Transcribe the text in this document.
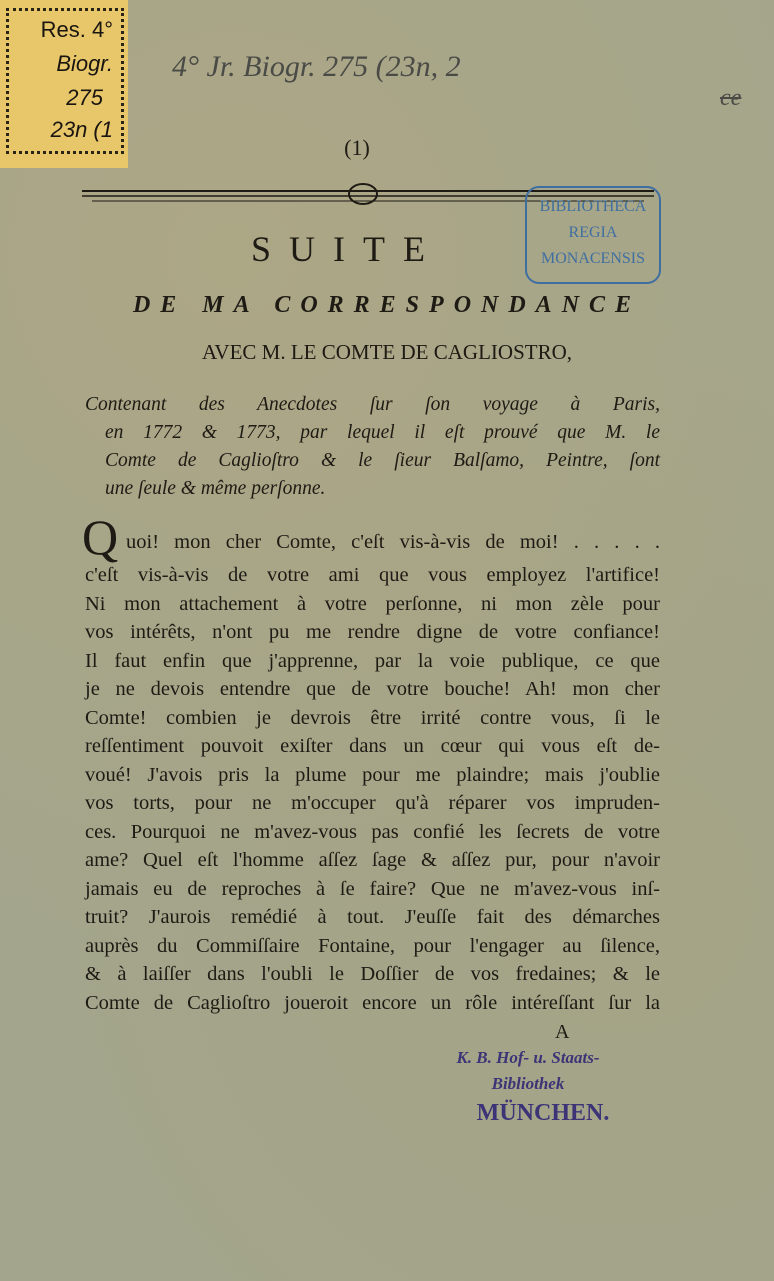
Res. 4°
Biogr.
275
23n (1
4° Jr. Biogr. 275 (23n, 2
ce
(1)
BIBLIOTHECA
REGIA
MONACENSIS
SUITE
DE MA CORRESPONDANCE
AVEC M. LE COMTE DE CAGLIOSTRO,
Contenant des Anecdotes ſur ſon voyage à Paris,
en 1772 & 1773, par lequel il eſt prouvé que M. le
Comte de Caglioſtro & le ſieur Balſamo, Peintre, ſont
une ſeule & même perſonne.
Q uoi! mon cher Comte, c'eſt vis-à-vis de moi! . . . . .
c'eſt vis-à-vis de votre ami que vous employez l'artifice!
Ni mon attachement à votre perſonne, ni mon zèle pour
vos intérêts, n'ont pu me rendre digne de votre confiance!
Il faut enfin que j'apprenne, par la voie publique, ce que
je ne devois entendre que de votre bouche! Ah! mon cher
Comte! combien je devrois être irrité contre vous, ſi le
reſſentiment pouvoit exiſter dans un cœur qui vous eſt de-
voué! J'avois pris la plume pour me plaindre; mais j'oublie
vos torts, pour ne m'occuper qu'à réparer vos impruden-
ces. Pourquoi ne m'avez-vous pas confié les ſecrets de votre
ame? Quel eſt l'homme aſſez ſage & aſſez pur, pour n'avoir
jamais eu de reproches à ſe faire? Que ne m'avez-vous inſ-
truit? J'aurois remédié à tout. J'euſſe fait des démarches
auprès du Commiſſaire Fontaine, pour l'engager au ſilence,
& à laiſſer dans l'oubli le Doſſier de vos fredaines; & le
Comte de Caglioſtro joueroit encore un rôle intéreſſant ſur la
A
K. B. Hof- u. Staats-
Bibliothek
MÜNCHEN.
